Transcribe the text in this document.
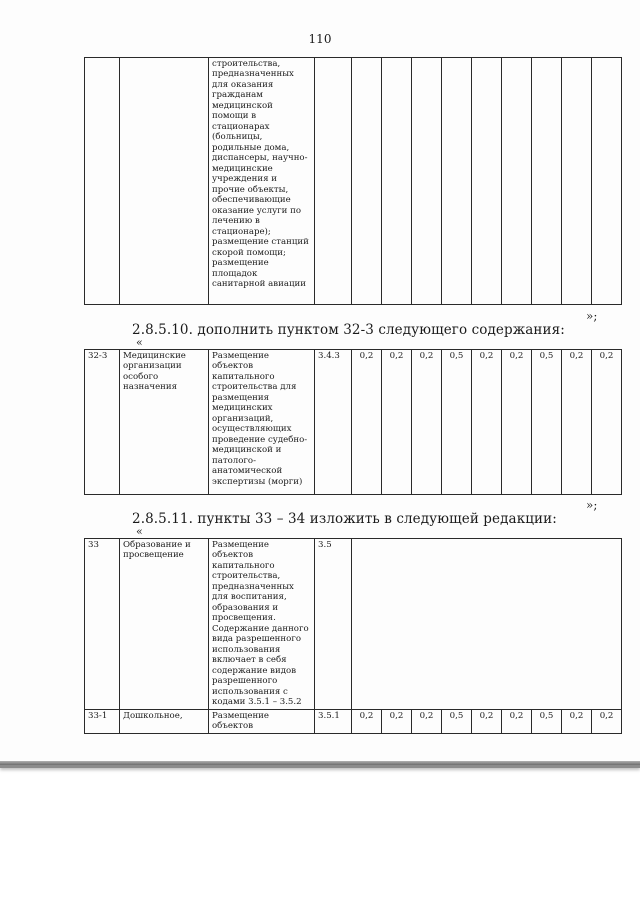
110
		строительства, предназначенных для оказания гражданам медицинской помощи в стационарах (больницы, родильные дома, диспансеры, научно-медицинские учреждения и прочие объекты, обеспечивающие оказание услуги по лечению в стационаре); размещение станций скорой помощи; размещение площадок санитарной авиации										
»;
2.8.5.10. дополнить пунктом 32-3 следующего содержания:
«
32-3	Медицинские организации особого назначения	Размещение объектов капитального строительства для размещения медицинских организаций, осуществляющих проведение судебно-медицинской и патолого-анатомической экспертизы (морги)	3.4.3	0,2	0,2	0,2	0,5	0,2	0,2	0,5	0,2	0,2
»;
2.8.5.11. пункты 33 – 34 изложить в следующей редакции:
«
33	Образование и просвещение	Размещение объектов капитального строительства, предназначенных для воспитания, образования и просвещения. Содержание данного вида разрешенного использования включает в себя содержание видов разрешенного использования с кодами 3.5.1 – 3.5.2	3.5									
33-1	Дошкольное,	Размещение объектов	3.5.1	0,2	0,2	0,2	0,5	0,2	0,2	0,5	0,2	0,2
